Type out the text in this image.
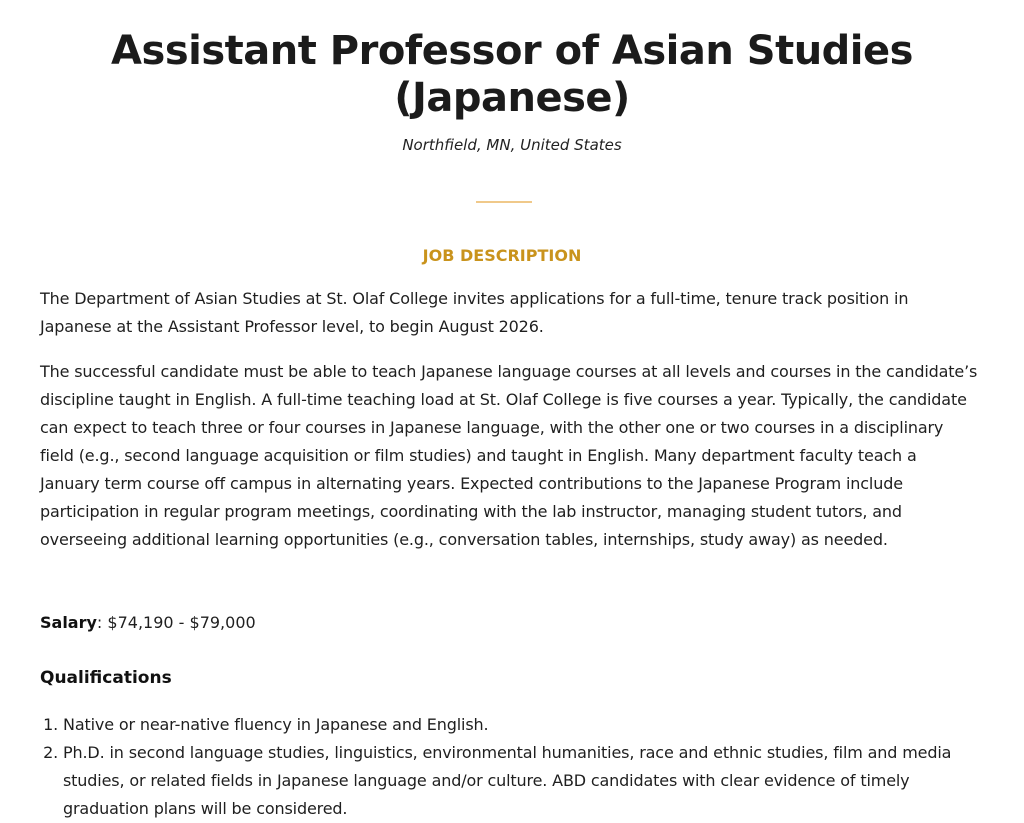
Assistant Professor of Asian Studies (Japanese)

Northfield, MN, United States

JOB DESCRIPTION

The Department of Asian Studies at St. Olaf College invites applications for a full-time, tenure track position in Japanese at the Assistant Professor level, to begin August 2026.

The successful candidate must be able to teach Japanese language courses at all levels and courses in the candidate’s discipline taught in English. A full-time teaching load at St. Olaf College is five courses a year. Typically, the candidate can expect to teach three or four courses in Japanese language, with the other one or two courses in a disciplinary field (e.g., second language acquisition or film studies) and taught in English. Many department faculty teach a January term course off campus in alternating years. Expected contributions to the Japanese Program include participation in regular program meetings, coordinating with the lab instructor, managing student tutors, and overseeing additional learning opportunities (e.g., conversation tables, internships, study away) as needed.

Salary: $74,190 - $79,000

Qualifications
1. Native or near-native fluency in Japanese and English.
2. Ph.D. in second language studies, linguistics, environmental humanities, race and ethnic studies, film and media studies, or related fields in Japanese language and/or culture. ABD candidates with clear evidence of timely graduation plans will be considered.
